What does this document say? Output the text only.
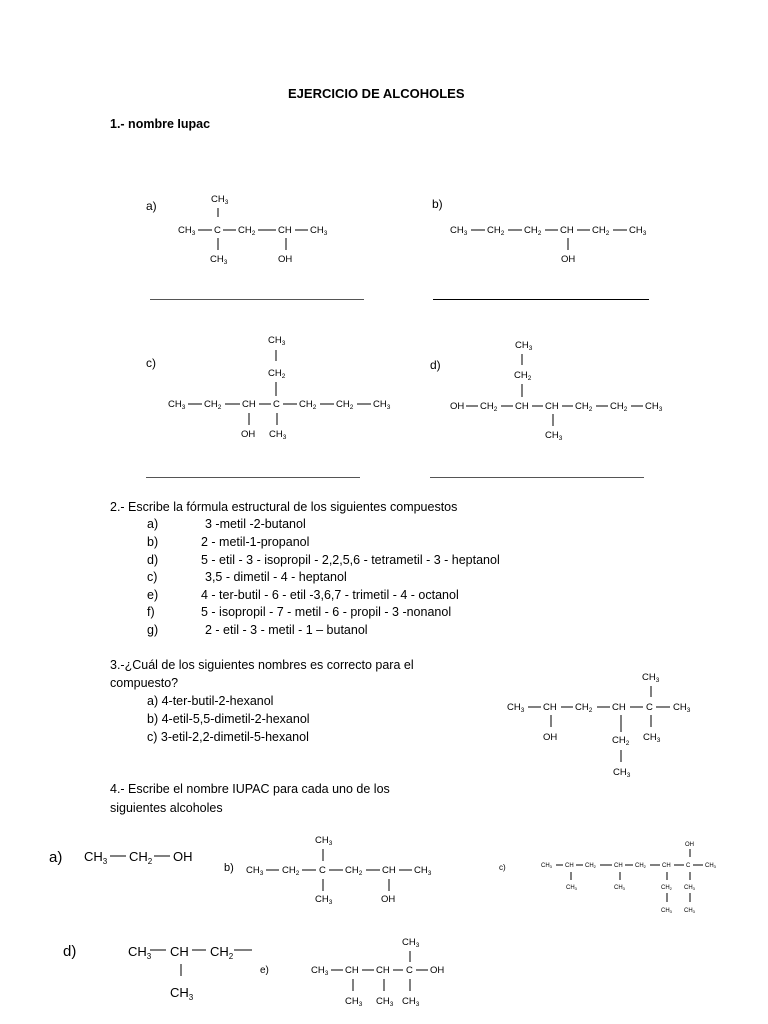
EJERCICIO DE ALCOHOLES
1.- nombre Iupac
a)	$CH_3$
$CH_3$ C $CH_2$ CH $CH_3$
$CH_3$	OH
b)
$CH_3$ $CH_2$ $CH_2$ CH $CH_2$ $CH_3$
OH
c)
$CH_3$
$CH_2$
$CH_3$ $CH_2$ CH C $CH_2$ $CH_2$ $CH_3$
OH $CH_3$
d)
$CH_3$
$CH_2$
OH $CH_2$ CH CH $CH_2$ $CH_2$ $CH_3$
$CH_3$
2.- Escribe la fórmula estructural de los siguientes compuestos
a)	3 -metil -2-butanol
b)	2 - metil-1-propanol
d)	5 - etil - 3 - isopropil - 2,2,5,6 - tetrametil - 3 - heptanol
c)	3,5 - dimetil - 4 - heptanol
e)	4 - ter-butil - 6 - etil -3,6,7 - trimetil - 4 - octanol
f)	5 - isopropil - 7 - metil - 6 - propil - 3 -nonanol
g)	2 - etil - 3 - metil - 1 – butanol
3.-¿Cuál de los siguientes nombres es correcto para el
compuesto?
a) 4-ter-butil-2-hexanol
b) 4-etil-5,5-dimetil-2-hexanol
c) 3-etil-2,2-dimetil-5-hexanol
$CH_3$
$CH_3$ CH $CH_2$ CH C $CH_3$
OH	$CH_2$
$CH_3$
$CH_3$
4.- Escribe el nombre IUPAC para cada uno de los
siguientes alcoholes
a) $CH_3$ $CH_2$ OH
b)
$CH_3$
$CH_3$ $CH_2$ C $CH_2$ CH $CH_3$
$CH_3$	OH
c)
OH
CH3 CH CH2	CH CH2	CH	C CH3
CH3	CH3	CH2 CH3
CH3 CH3
d)	$CH_3$ CH $CH_2$
$CH_3$
e)
$CH_3$
$CH_3$ CH CH C OH
$CH_3$ $CH_3$ $CH_3$
